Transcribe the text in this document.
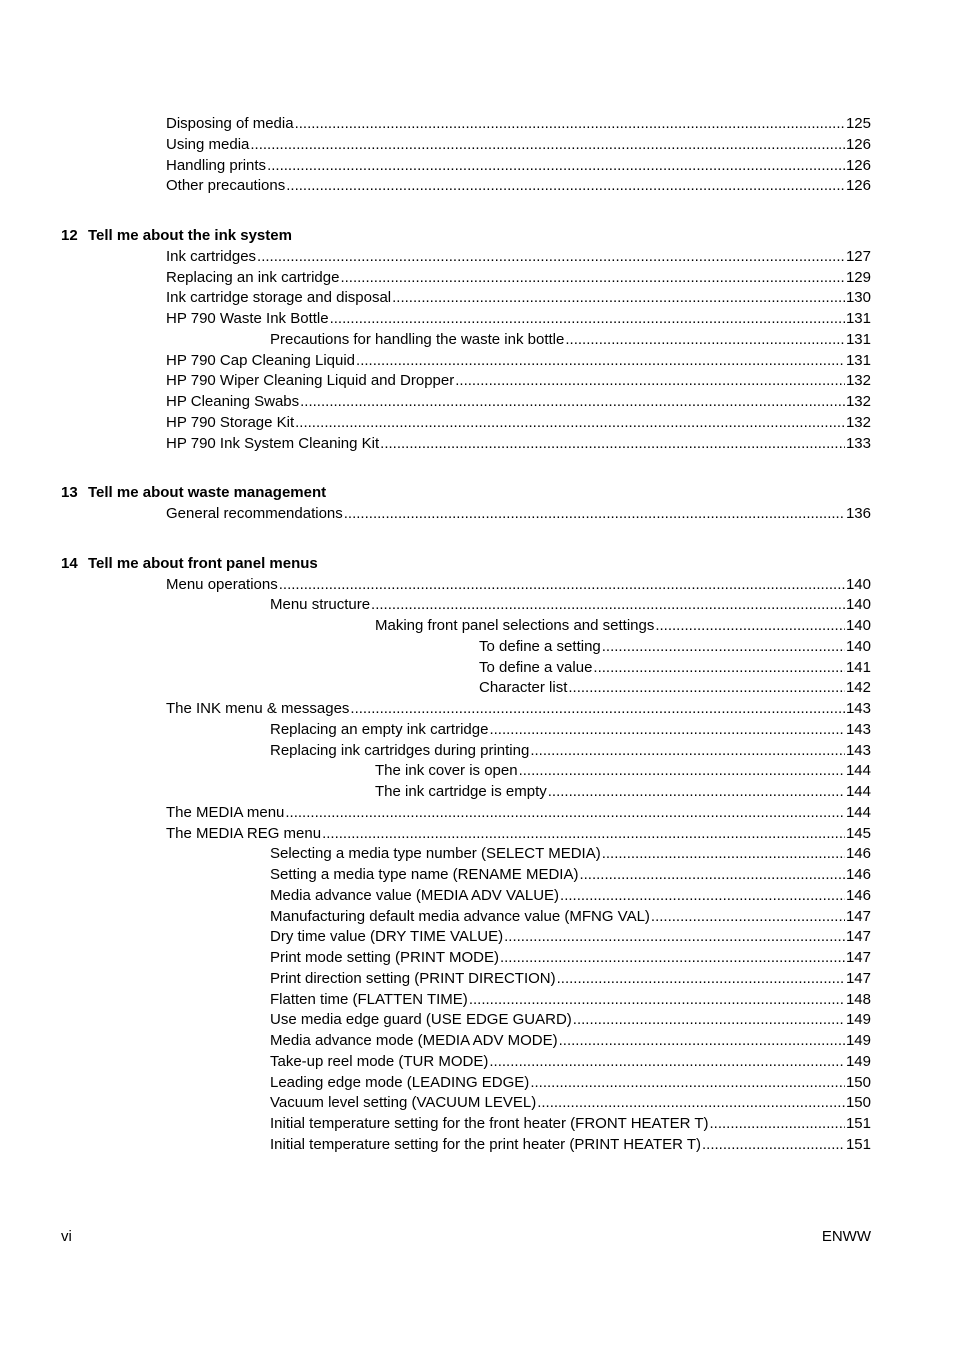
Disposing of media .....	125
Using media .....	126
Handling prints .....	126
Other precautions .....	126
12 Tell me about the ink system
Ink cartridges .....	127
Replacing an ink cartridge .....	129
Ink cartridge storage and disposal .....	130
HP 790 Waste Ink Bottle .....	131
Precautions for handling the waste ink bottle .....	131
HP 790 Cap Cleaning Liquid .....	131
HP 790 Wiper Cleaning Liquid and Dropper .....	132
HP Cleaning Swabs .....	132
HP 790 Storage Kit .....	132
HP 790 Ink System Cleaning Kit .....	133
13 Tell me about waste management
General recommendations .....	136
14 Tell me about front panel menus
Menu operations .....	140
Menu structure .....	140
Making front panel selections and settings .....	140
To define a setting .....	140
To define a value .....	141
Character list .....	142
The INK menu & messages .....	143
Replacing an empty ink cartridge .....	143
Replacing ink cartridges during printing .....	143
The ink cover is open .....	144
The ink cartridge is empty .....	144
The MEDIA menu .....	144
The MEDIA REG menu .....	145
Selecting a media type number (SELECT MEDIA) .....	146
Setting a media type name (RENAME MEDIA) .....	146
Media advance value (MEDIA ADV VALUE) .....	146
Manufacturing default media advance value (MFNG VAL) .....	147
Dry time value (DRY TIME VALUE) .....	147
Print mode setting (PRINT MODE) .....	147
Print direction setting (PRINT DIRECTION) .....	147
Flatten time (FLATTEN TIME) .....	148
Use media edge guard (USE EDGE GUARD) .....	149
Media advance mode (MEDIA ADV MODE) .....	149
Take-up reel mode (TUR MODE) .....	149
Leading edge mode (LEADING EDGE) .....	150
Vacuum level setting (VACUUM LEVEL) .....	150
Initial temperature setting for the front heater (FRONT HEATER T) .....	151
Initial temperature setting for the print heater (PRINT HEATER T) .....	151
vi	ENWW
